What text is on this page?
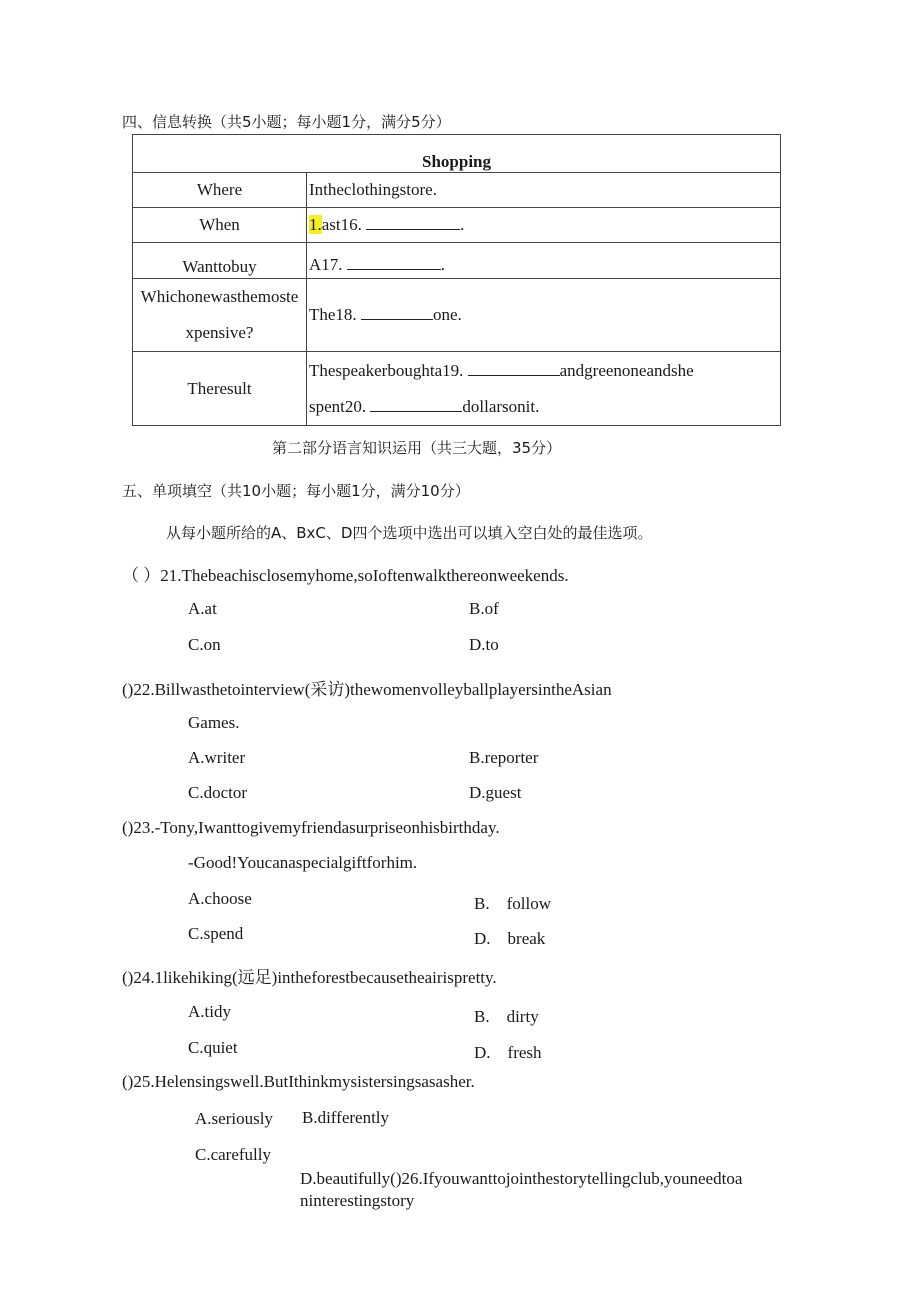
四、信息转换（共5小题；每小题1分，满分5分）
Shopping	
Where	Intheclothingstore.
When	1.ast16. .
Wanttobuy	A17. .

Whichonewasthemoste
xpensive?	The18. one.
Theresult	Thespeakerboughta19. andgreenoneandshe
spent20. dollarsonit.
第二部分语言知识运用（共三大题，35分）
五、单项填空（共10小题；每小题1分，满分10分）
从每小题所给的A、BxC、D四个选项中选出可以填入空白处的最佳选项。
（ ）21.Thebeachisclosemyhome,soIoftenwalkthereonweekends.
A.at	B.of
C.on	D.to
()22.Billwasthetointerview(采访)thewomenvolleyballplayersintheAsian
Games.
A.writer	B.reporter
C.doctor	D.guest
()23.-Tony,Iwanttogivemyfriendasurpriseonhisbirthday.
-Good!Youcanaspecialgiftforhim.
A.choose	B.　follow
C.spend	D.　break
()24.1likehiking(远足)intheforestbecausetheairispretty.
A.tidy	B.　dirty
C.quiet	D.　fresh
()25.Helensingswell.ButIthinkmysistersingsasasher.
A.seriously B.differently
C.carefully
D.beautifully()26.Ifyouwanttojointhestorytellingclub,youneedtoa
ninterestingstory
